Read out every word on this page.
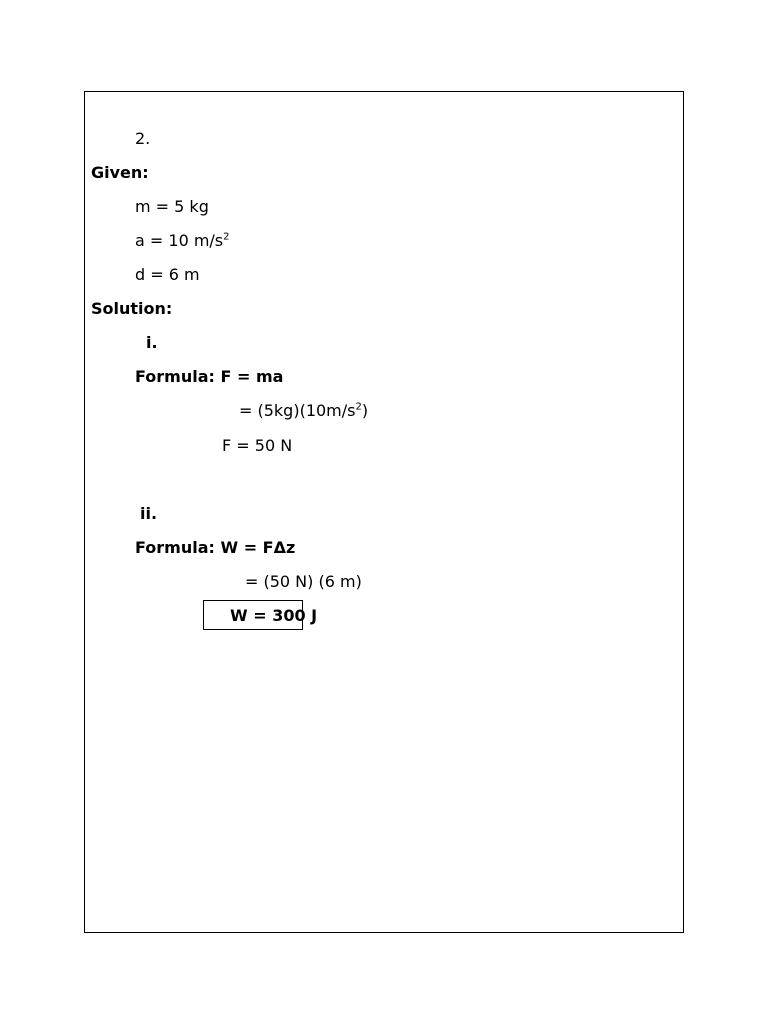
2.
Given:
m = 5 kg
a = 10 $m/s^2$
d = 6 m
Solution:
i.
Formula: F = ma
= $(5kg)(10m/s^2)$
F = 50 N
ii.
Formula: W = FΔz
= (50 N) (6 m)
W = 300 J
